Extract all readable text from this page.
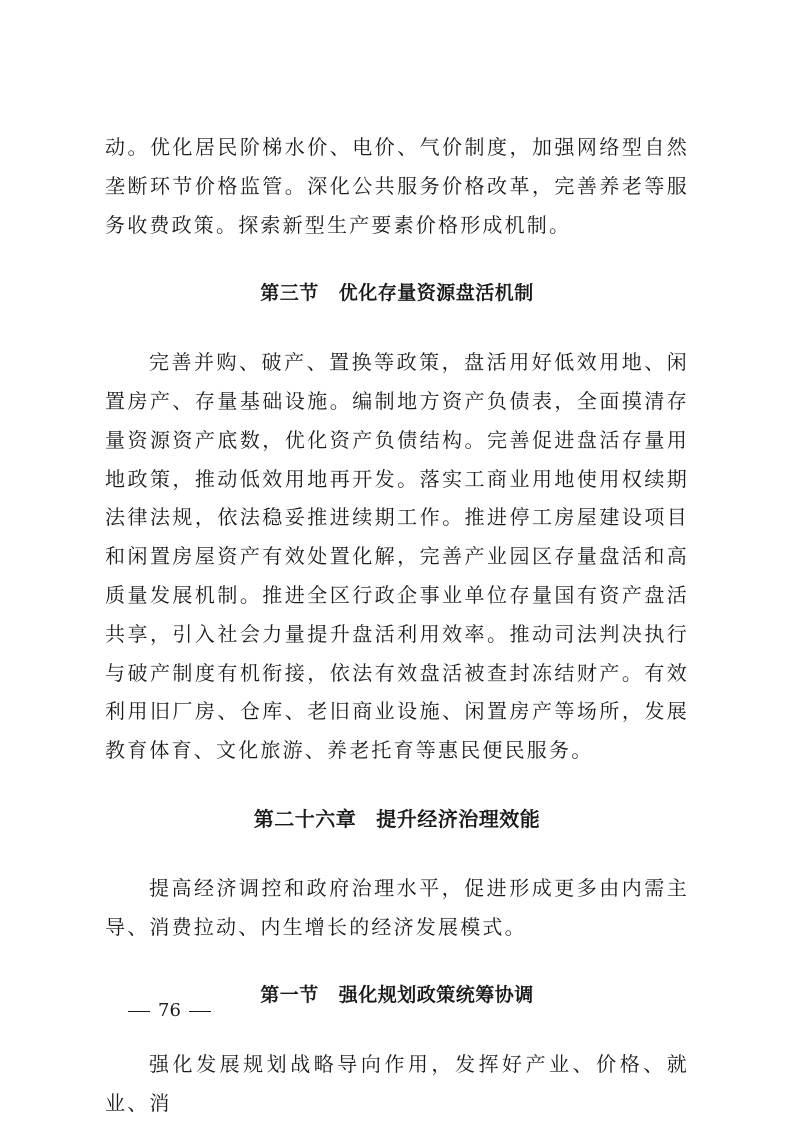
动。优化居民阶梯水价、电价、气价制度，加强网络型自然垄断环节价格监管。深化公共服务价格改革，完善养老等服务收费政策。探索新型生产要素价格形成机制。

第三节 优化存量资源盘活机制

完善并购、破产、置换等政策，盘活用好低效用地、闲置房产、存量基础设施。编制地方资产负债表，全面摸清存量资源资产底数，优化资产负债结构。完善促进盘活存量用地政策，推动低效用地再开发。落实工商业用地使用权续期法律法规，依法稳妥推进续期工作。推进停工房屋建设项目和闲置房屋资产有效处置化解，完善产业园区存量盘活和高质量发展机制。推进全区行政企事业单位存量国有资产盘活共享，引入社会力量提升盘活利用效率。推动司法判决执行与破产制度有机衔接，依法有效盘活被查封冻结财产。有效利用旧厂房、仓库、老旧商业设施、闲置房产等场所，发展教育体育、文化旅游、养老托育等惠民便民服务。

第二十六章 提升经济治理效能

提高经济调控和政府治理水平，促进形成更多由内需主导、消费拉动、内生增长的经济发展模式。

第一节 强化规划政策统筹协调

强化发展规划战略导向作用，发挥好产业、价格、就业、消

76
